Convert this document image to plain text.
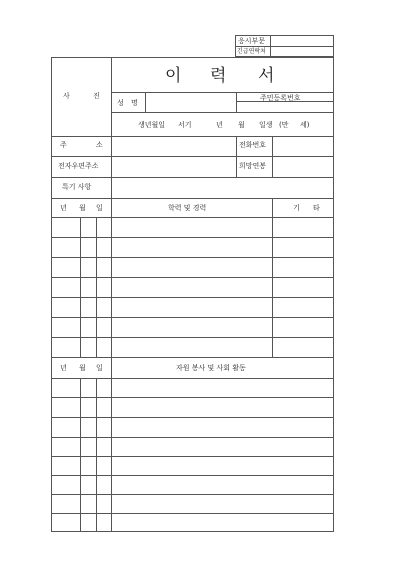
응시부문
긴급연락처
사	진
이 력 서
성 명
주민등록번호
생년월일 서기	년 월 일생 (만 세)
주	소	전화번호
전자우편주소	희망연봉
특기 사항
년 월 일	학력 및 경력	기 타
년 월 일	자원 봉사 및 사회 활동
